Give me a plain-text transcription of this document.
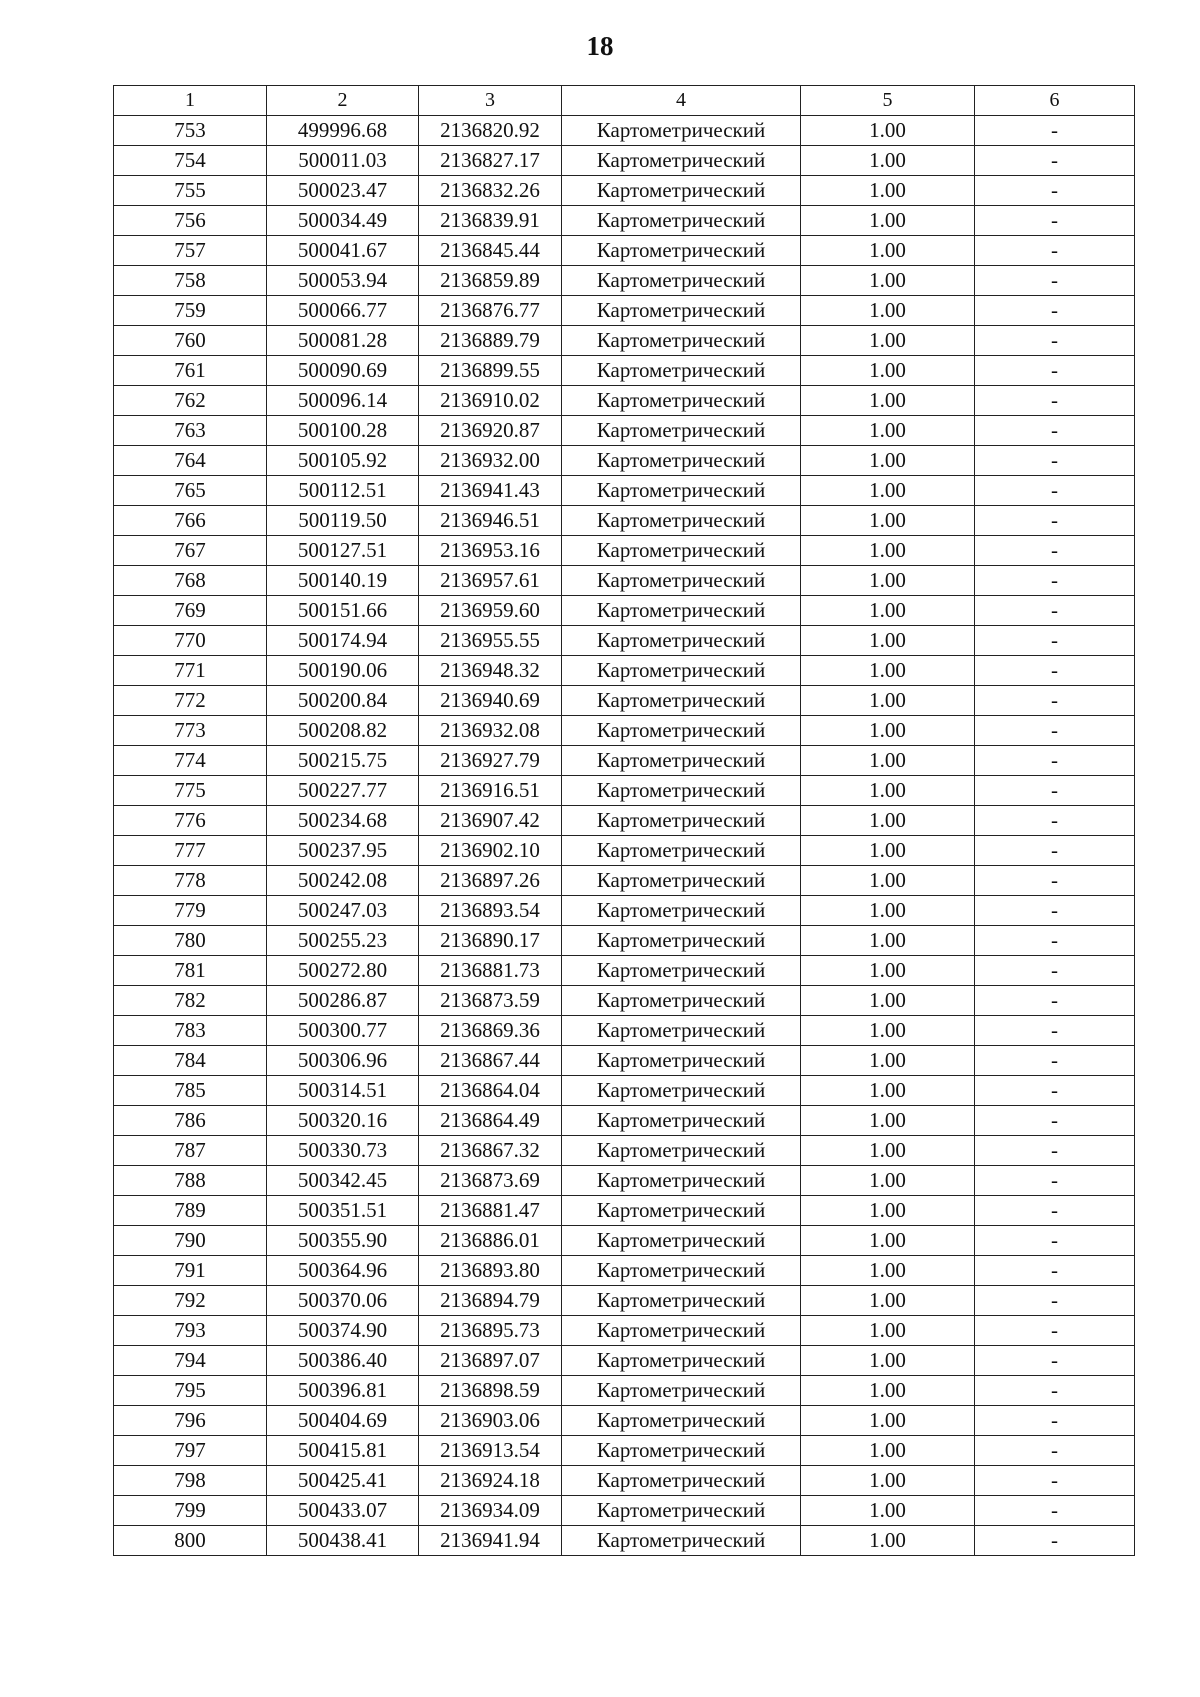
18
1	2	3	4	5	6
753	499996.68	2136820.92	Картометрический	1.00	-
754	500011.03	2136827.17	Картометрический	1.00	-
755	500023.47	2136832.26	Картометрический	1.00	-
756	500034.49	2136839.91	Картометрический	1.00	-
757	500041.67	2136845.44	Картометрический	1.00	-
758	500053.94	2136859.89	Картометрический	1.00	-
759	500066.77	2136876.77	Картометрический	1.00	-
760	500081.28	2136889.79	Картометрический	1.00	-
761	500090.69	2136899.55	Картометрический	1.00	-
762	500096.14	2136910.02	Картометрический	1.00	-
763	500100.28	2136920.87	Картометрический	1.00	-
764	500105.92	2136932.00	Картометрический	1.00	-
765	500112.51	2136941.43	Картометрический	1.00	-
766	500119.50	2136946.51	Картометрический	1.00	-
767	500127.51	2136953.16	Картометрический	1.00	-
768	500140.19	2136957.61	Картометрический	1.00	-
769	500151.66	2136959.60	Картометрический	1.00	-
770	500174.94	2136955.55	Картометрический	1.00	-
771	500190.06	2136948.32	Картометрический	1.00	-
772	500200.84	2136940.69	Картометрический	1.00	-
773	500208.82	2136932.08	Картометрический	1.00	-
774	500215.75	2136927.79	Картометрический	1.00	-
775	500227.77	2136916.51	Картометрический	1.00	-
776	500234.68	2136907.42	Картометрический	1.00	-
777	500237.95	2136902.10	Картометрический	1.00	-
778	500242.08	2136897.26	Картометрический	1.00	-
779	500247.03	2136893.54	Картометрический	1.00	-
780	500255.23	2136890.17	Картометрический	1.00	-
781	500272.80	2136881.73	Картометрический	1.00	-
782	500286.87	2136873.59	Картометрический	1.00	-
783	500300.77	2136869.36	Картометрический	1.00	-
784	500306.96	2136867.44	Картометрический	1.00	-
785	500314.51	2136864.04	Картометрический	1.00	-
786	500320.16	2136864.49	Картометрический	1.00	-
787	500330.73	2136867.32	Картометрический	1.00	-
788	500342.45	2136873.69	Картометрический	1.00	-
789	500351.51	2136881.47	Картометрический	1.00	-
790	500355.90	2136886.01	Картометрический	1.00	-
791	500364.96	2136893.80	Картометрический	1.00	-
792	500370.06	2136894.79	Картометрический	1.00	-
793	500374.90	2136895.73	Картометрический	1.00	-
794	500386.40	2136897.07	Картометрический	1.00	-
795	500396.81	2136898.59	Картометрический	1.00	-
796	500404.69	2136903.06	Картометрический	1.00	-
797	500415.81	2136913.54	Картометрический	1.00	-
798	500425.41	2136924.18	Картометрический	1.00	-
799	500433.07	2136934.09	Картометрический	1.00	-
800	500438.41	2136941.94	Картометрический	1.00	-
